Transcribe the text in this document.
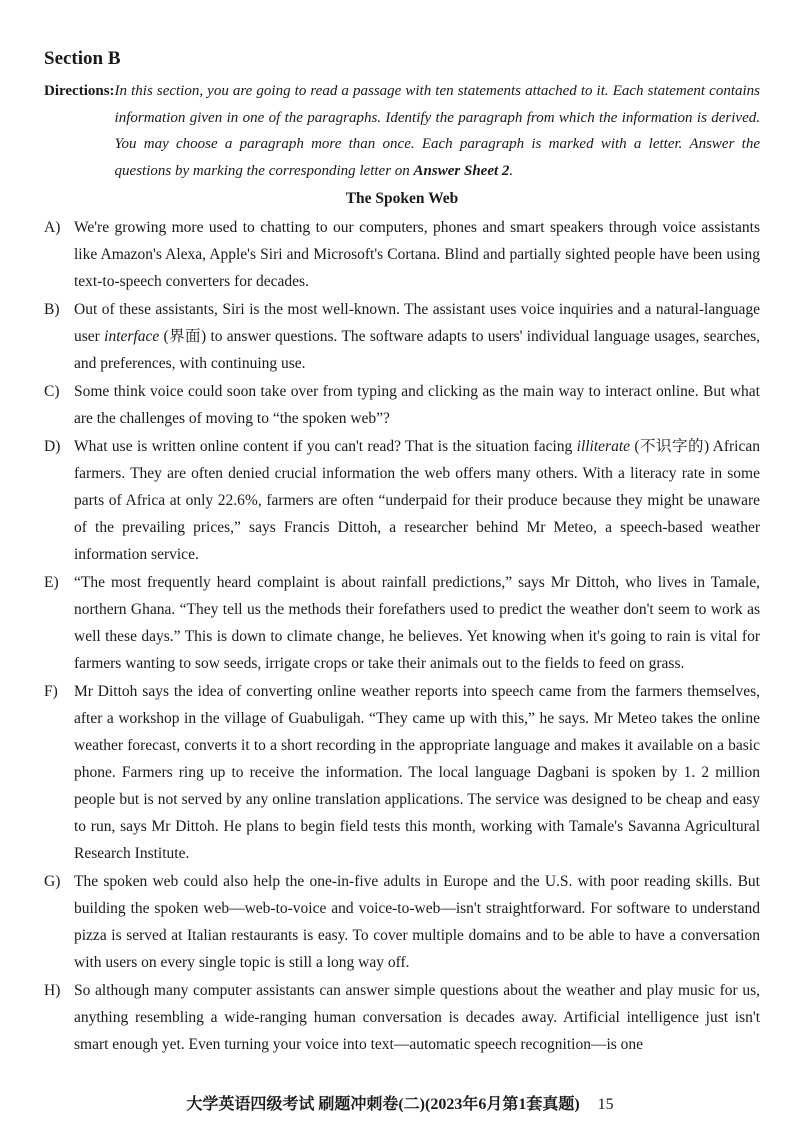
Section B
Directions: In this section, you are going to read a passage with ten statements attached to it. Each statement contains information given in one of the paragraphs. Identify the paragraph from which the information is derived. You may choose a paragraph more than once. Each paragraph is marked with a letter. Answer the questions by marking the corresponding letter on Answer Sheet 2.
The Spoken Web
A) We're growing more used to chatting to our computers, phones and smart speakers through voice assistants like Amazon's Alexa, Apple's Siri and Microsoft's Cortana. Blind and partially sighted people have been using text-to-speech converters for decades.
B) Out of these assistants, Siri is the most well-known. The assistant uses voice inquiries and a natural-language user interface (界面) to answer questions. The software adapts to users' individual language usages, searches, and preferences, with continuing use.
C) Some think voice could soon take over from typing and clicking as the main way to interact online. But what are the challenges of moving to “the spoken web”?
D) What use is written online content if you can't read? That is the situation facing illiterate (不识字的) African farmers. They are often denied crucial information the web offers many others. With a literacy rate in some parts of Africa at only 22.6%, farmers are often “underpaid for their produce because they might be unaware of the prevailing prices,” says Francis Dittoh, a researcher behind Mr Meteo, a speech-based weather information service.
E) “The most frequently heard complaint is about rainfall predictions,” says Mr Dittoh, who lives in Tamale, northern Ghana. “They tell us the methods their forefathers used to predict the weather don't seem to work as well these days.” This is down to climate change, he believes. Yet knowing when it's going to rain is vital for farmers wanting to sow seeds, irrigate crops or take their animals out to the fields to feed on grass.
F)	Mr Dittoh says the idea of converting online weather reports into speech came from the farmers themselves, after a workshop in the village of Guabuligah. “They came up with this,” he says. Mr Meteo takes the online weather forecast, converts it to a short recording in the appropriate language and makes it available on a basic phone. Farmers ring up to receive the information. The local language Dagbani is spoken by 1. 2 million people but is not served by any online translation applications. The service was designed to be cheap and easy to run, says Mr Dittoh. He plans to begin field tests this month, working with Tamale's Savanna Agricultural Research Institute.
G) The spoken web could also help the one-in-five adults in Europe and the U.S. with poor reading skills. But building the spoken web—web-to-voice and voice-to-web—isn't straightforward. For software to understand pizza is served at Italian restaurants is easy. To cover multiple domains and to be able to have a conversation with users on every single topic is still a long way off.
H) So although many computer assistants can answer simple questions about the weather and play music for us, anything resembling a wide-ranging human conversation is decades away. Artificial intelligence just isn't smart enough yet. Even turning your voice into text—automatic speech recognition—is one
大学英语四级考试 刷题冲刺卷(二)(2023年6月第1套真题) 15
